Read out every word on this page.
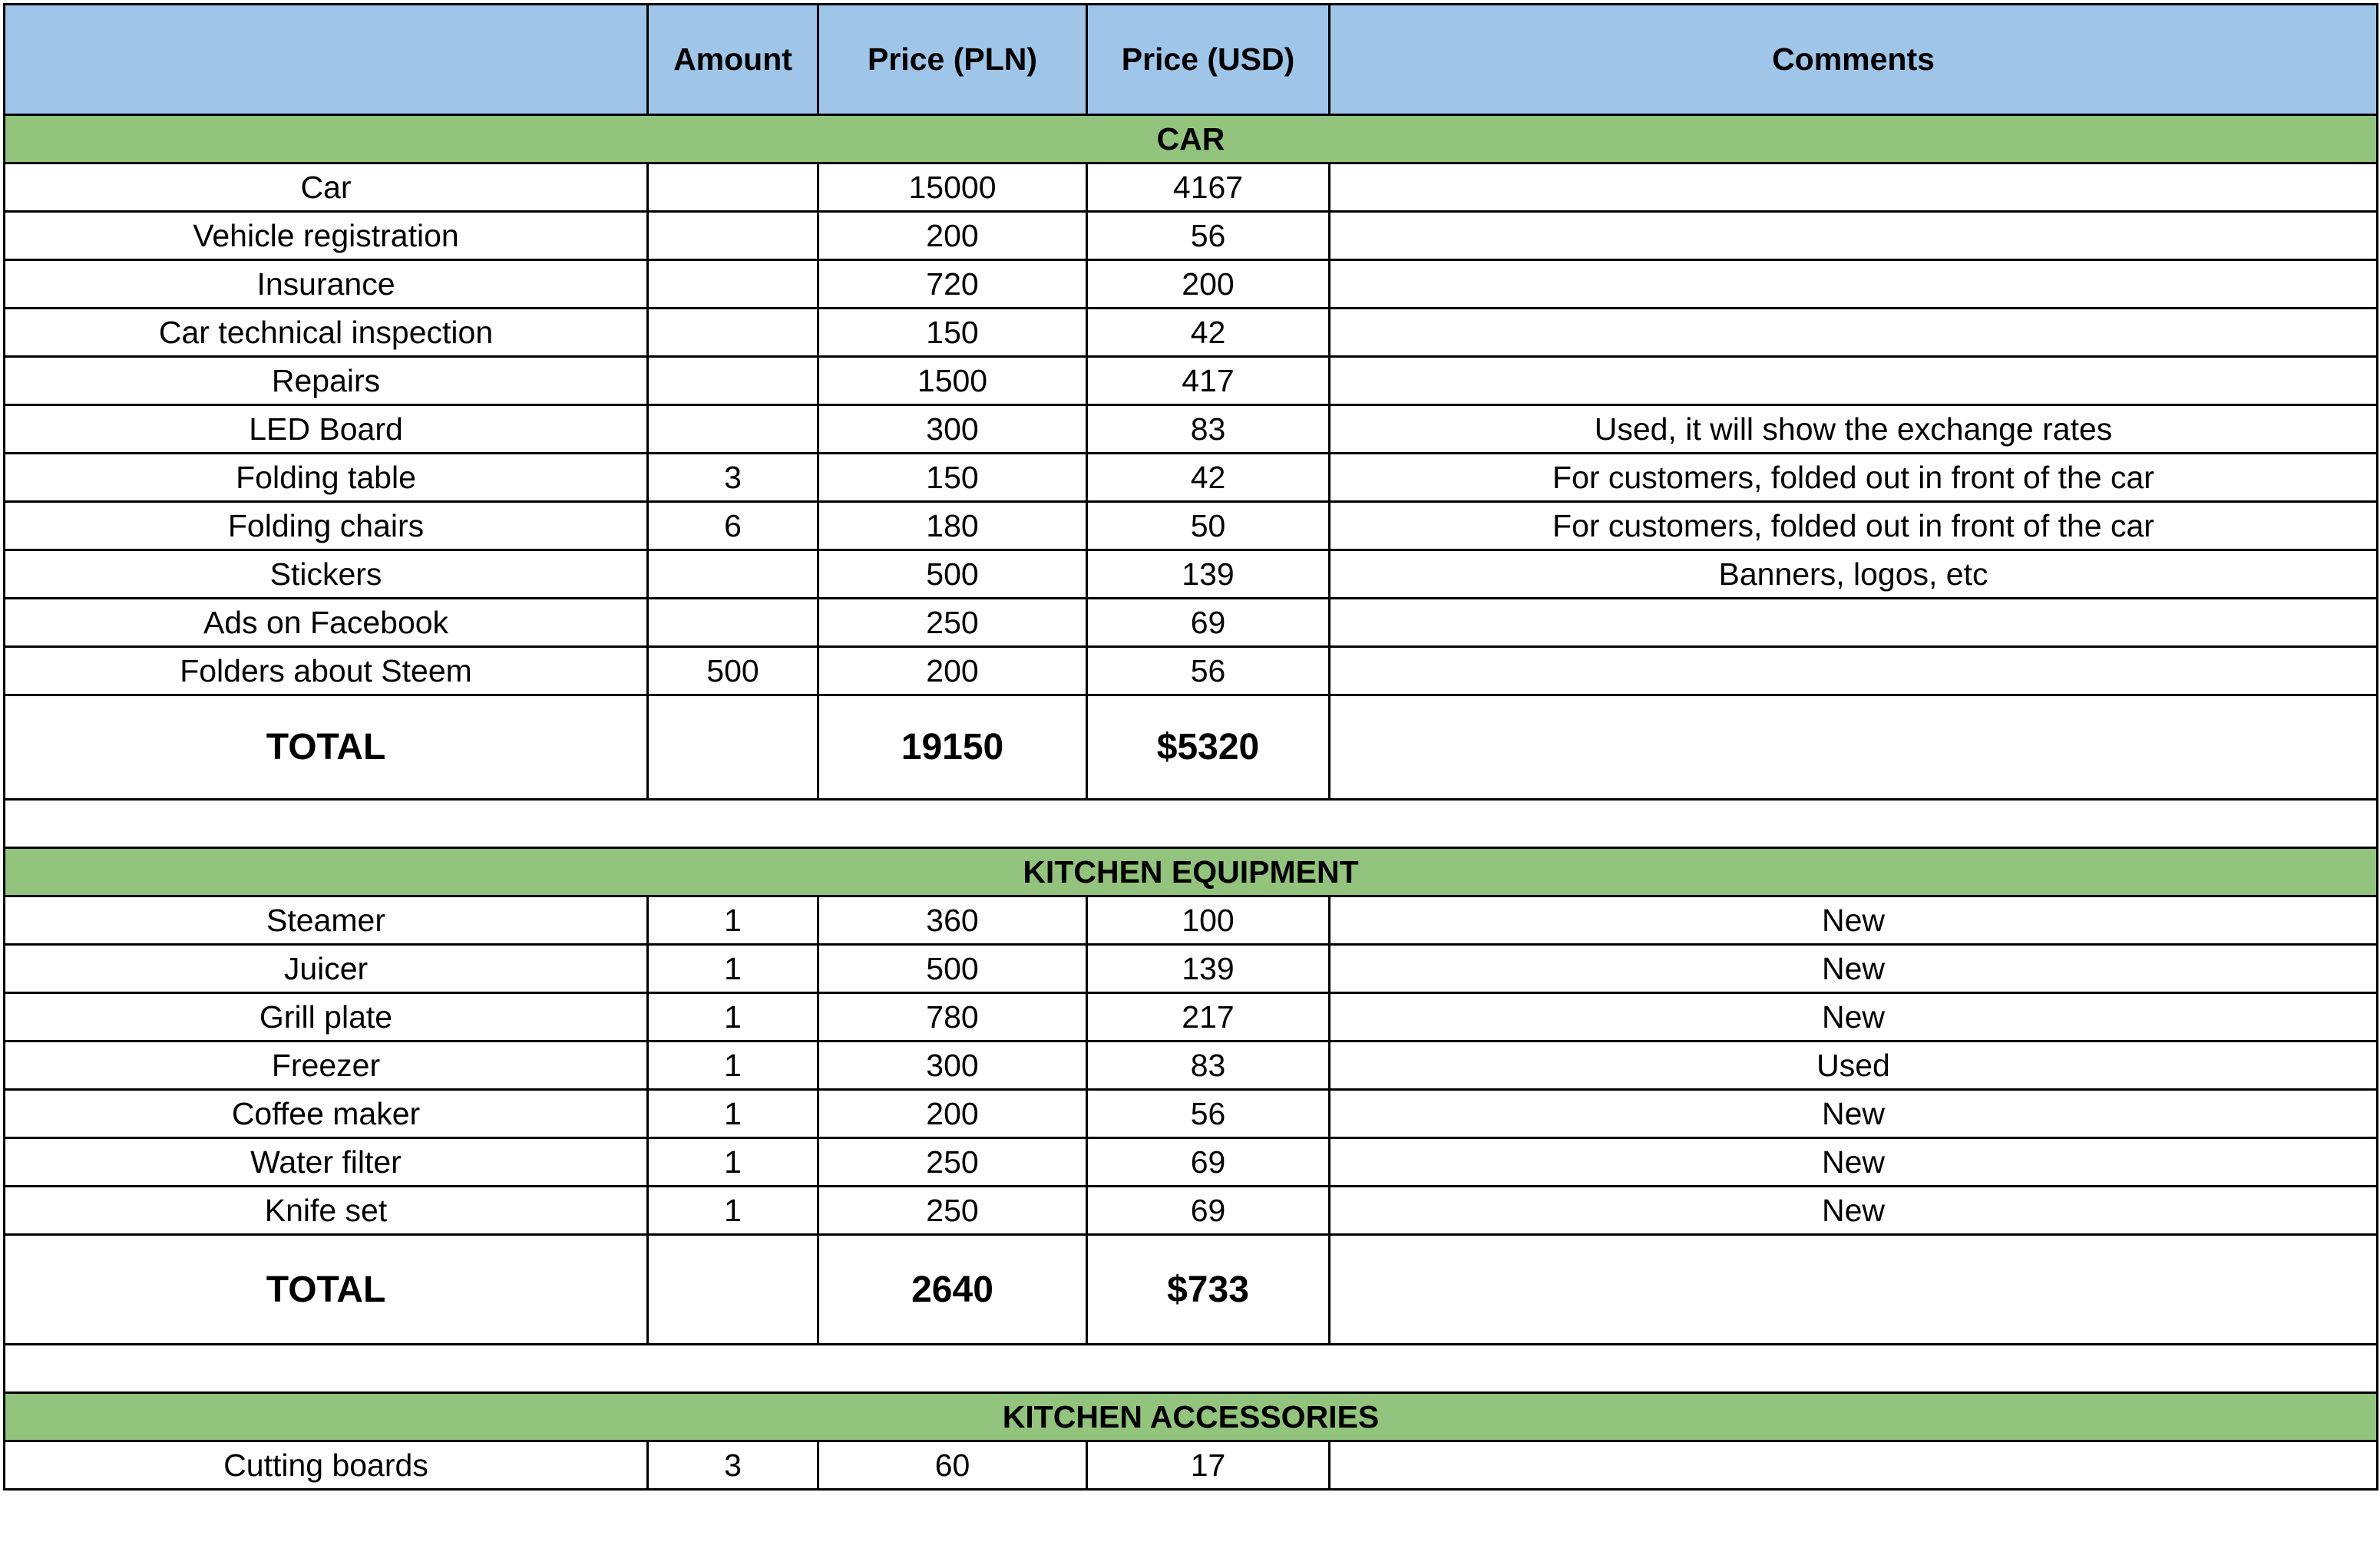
	Amount	Price (PLN)	Price (USD)	Comments
CAR				
Car		15000	4167	
Vehicle registration		200	56	
Insurance		720	200	
Car technical inspection		150	42	
Repairs		1500	417	
LED Board		300	83	Used, it will show the exchange rates
Folding table	3	150	42	For customers, folded out in front of the car
Folding chairs	6	180	50	For customers, folded out in front of the car
Stickers		500	139	Banners, logos, etc
Ads on Facebook		250	69	
Folders about Steem	500	200	56	
TOTAL		19150	$5320	

KITCHEN EQUIPMENT				
Steamer	1	360	100	New
Juicer	1	500	139	New
Grill plate	1	780	217	New
Freezer	1	300	83	Used
Coffee maker	1	200	56	New
Water filter	1	250	69	New
Knife set	1	250	69	New
TOTAL		2640	$733	

KITCHEN ACCESSORIES				
Cutting boards	3	60	17	
